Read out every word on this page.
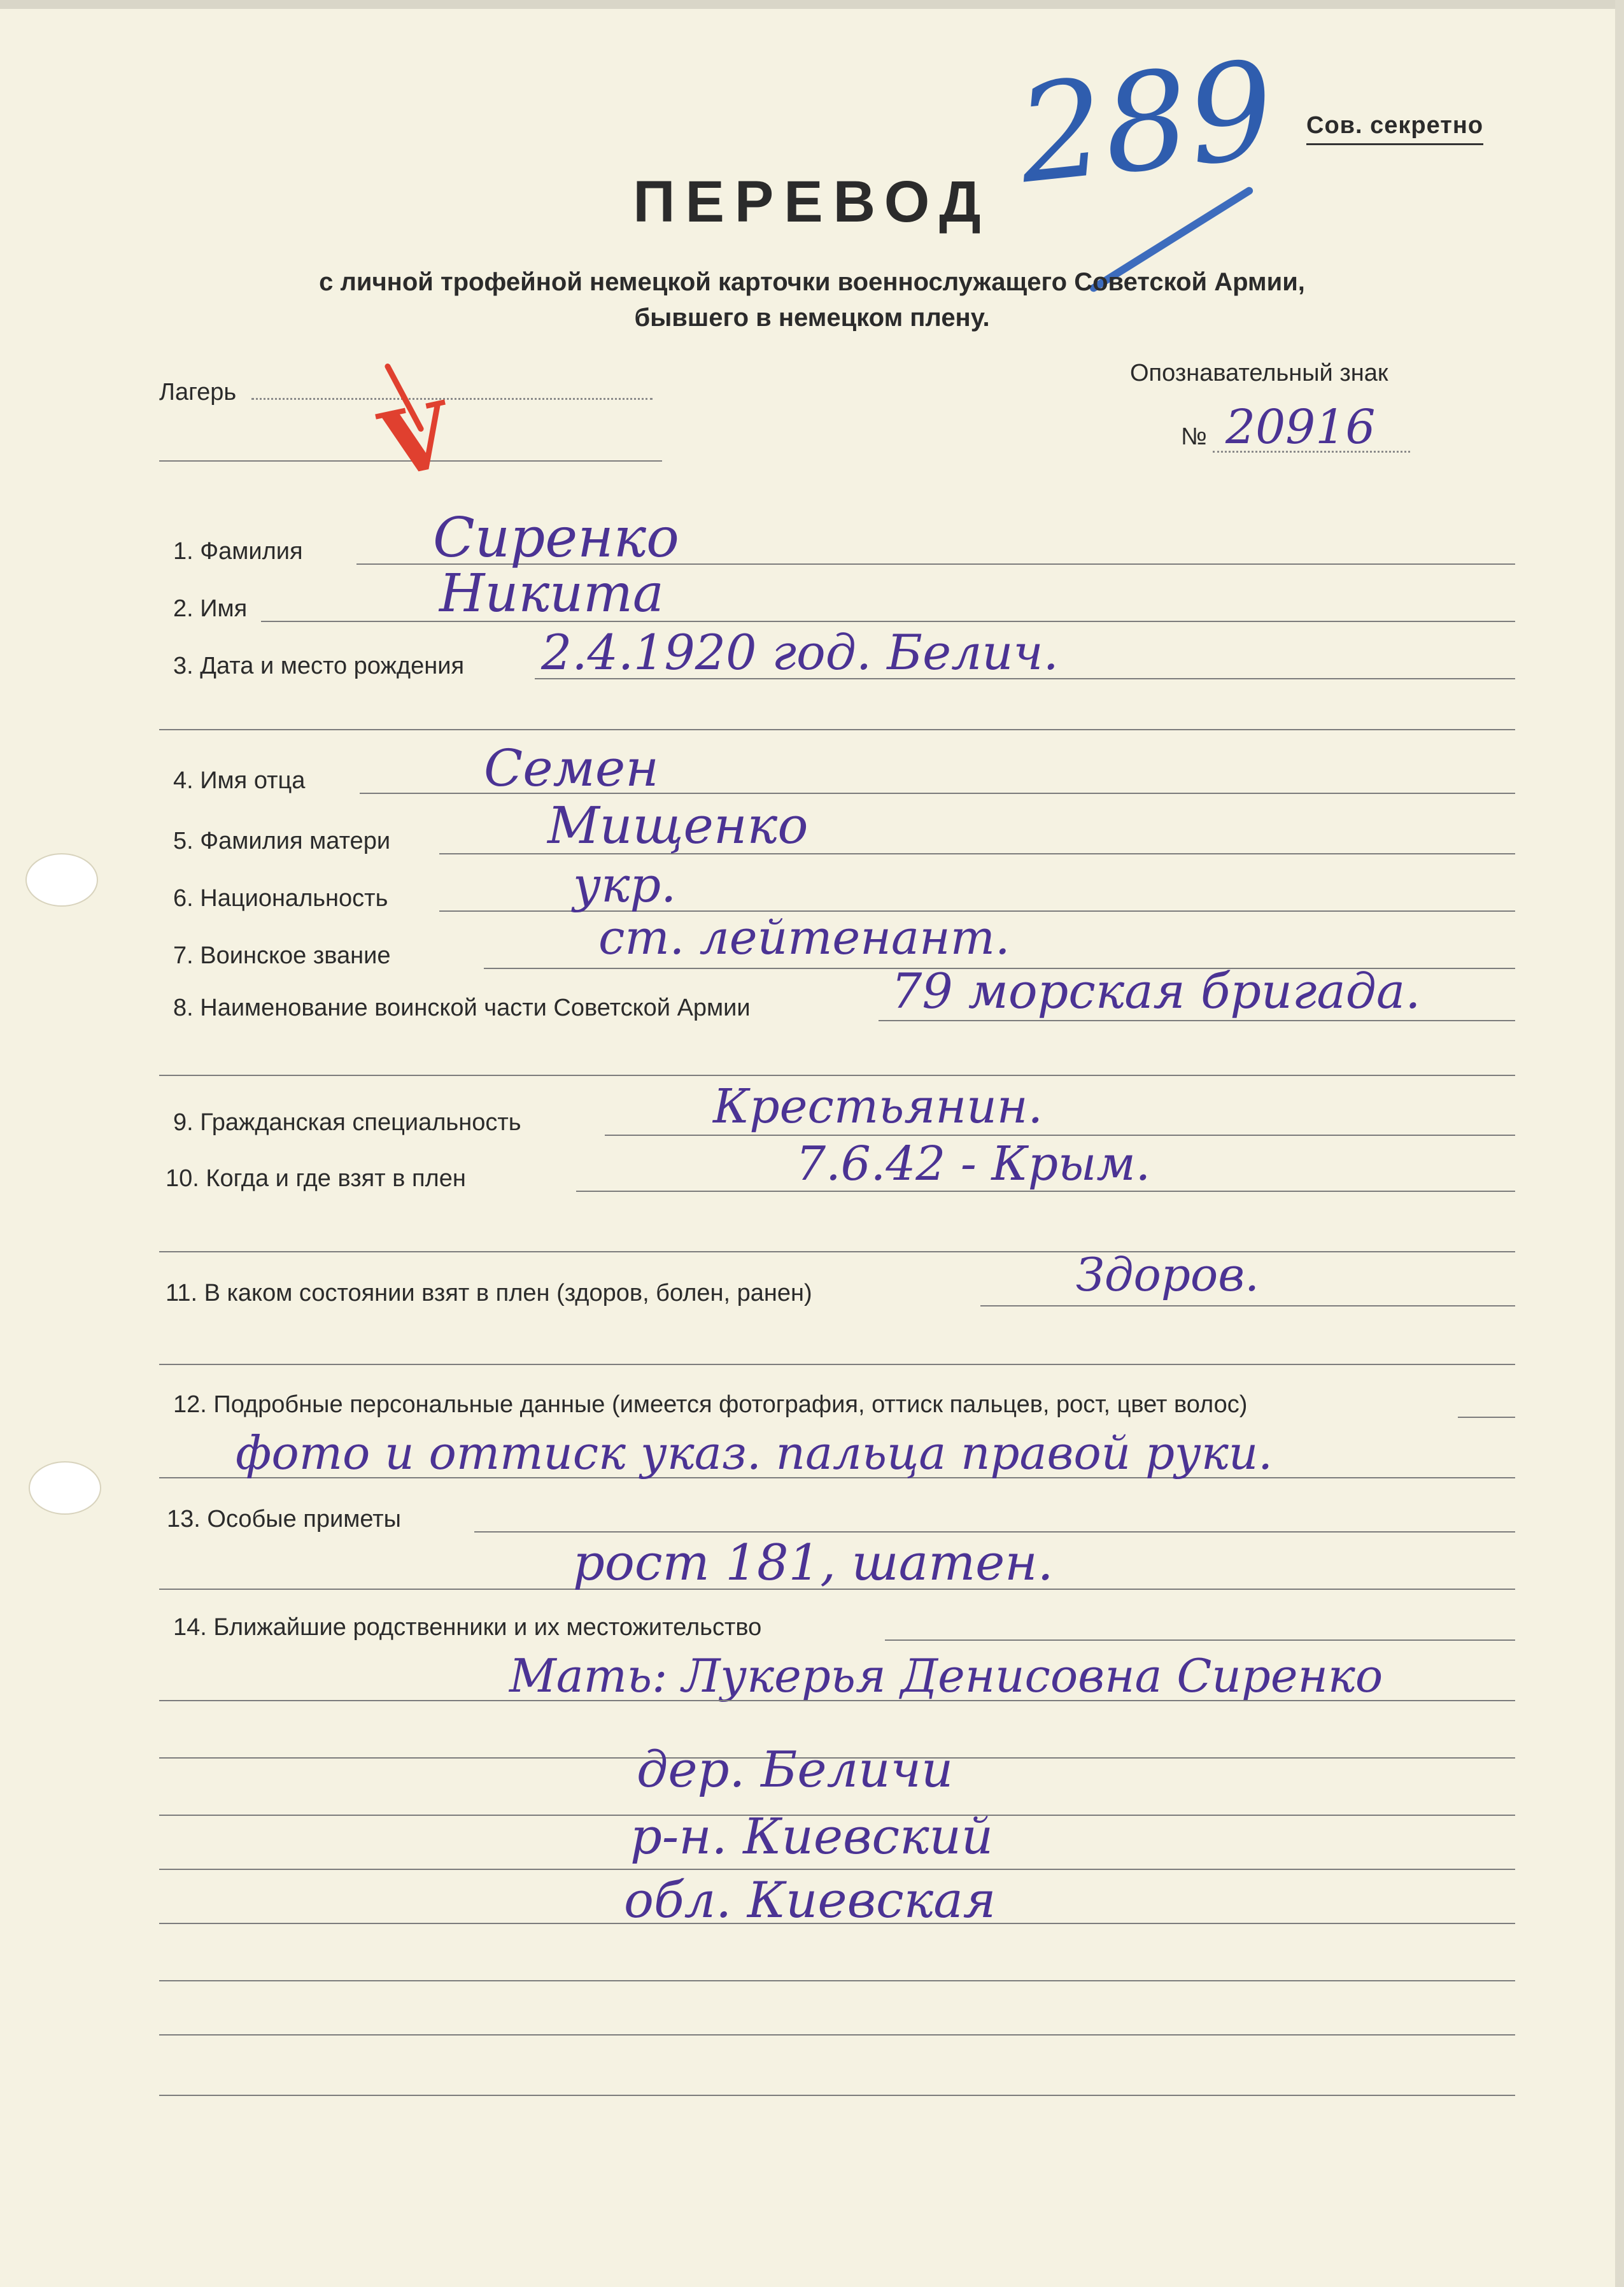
Сов. секретно
289
ПЕРЕВОД
с личной трофейной немецкой карточки военнослужащего Советской Армии,
бывшего в немецком плену.
Лагерь V
Опознавательный знак
№ 20916
1. Фамилия Сиренко
2. Имя	Никита
3. Дата и место рождения 2.4.1920 год. Белич.
4. Имя отца	Семен
5. Фамилия матери	Мищенко
6. Национальность	укр.
7. Воинское звание	ст. лейтенант.
8. Наименование воинской части Советской Армии	79 морская бригада.
9. Гражданская специальность	Крестьянин.
10. Когда и где взят в плен	7.6.42 - Крым.
11. В каком состоянии взят в плен (здоров, болен, ранен)	Здоров.
12. Подробные персональные данные (имеется фотография, оттиск пальцев, рост, цвет волос)
фото и оттиск указ. пальца правой руки.
13. Особые приметы
рост 181, шатен.
14. Ближайшие родственники и их местожительство
Мать: Лукерья Денисовна Сиренко
дер. Беличи
р-н. Киевский
обл. Киевская
